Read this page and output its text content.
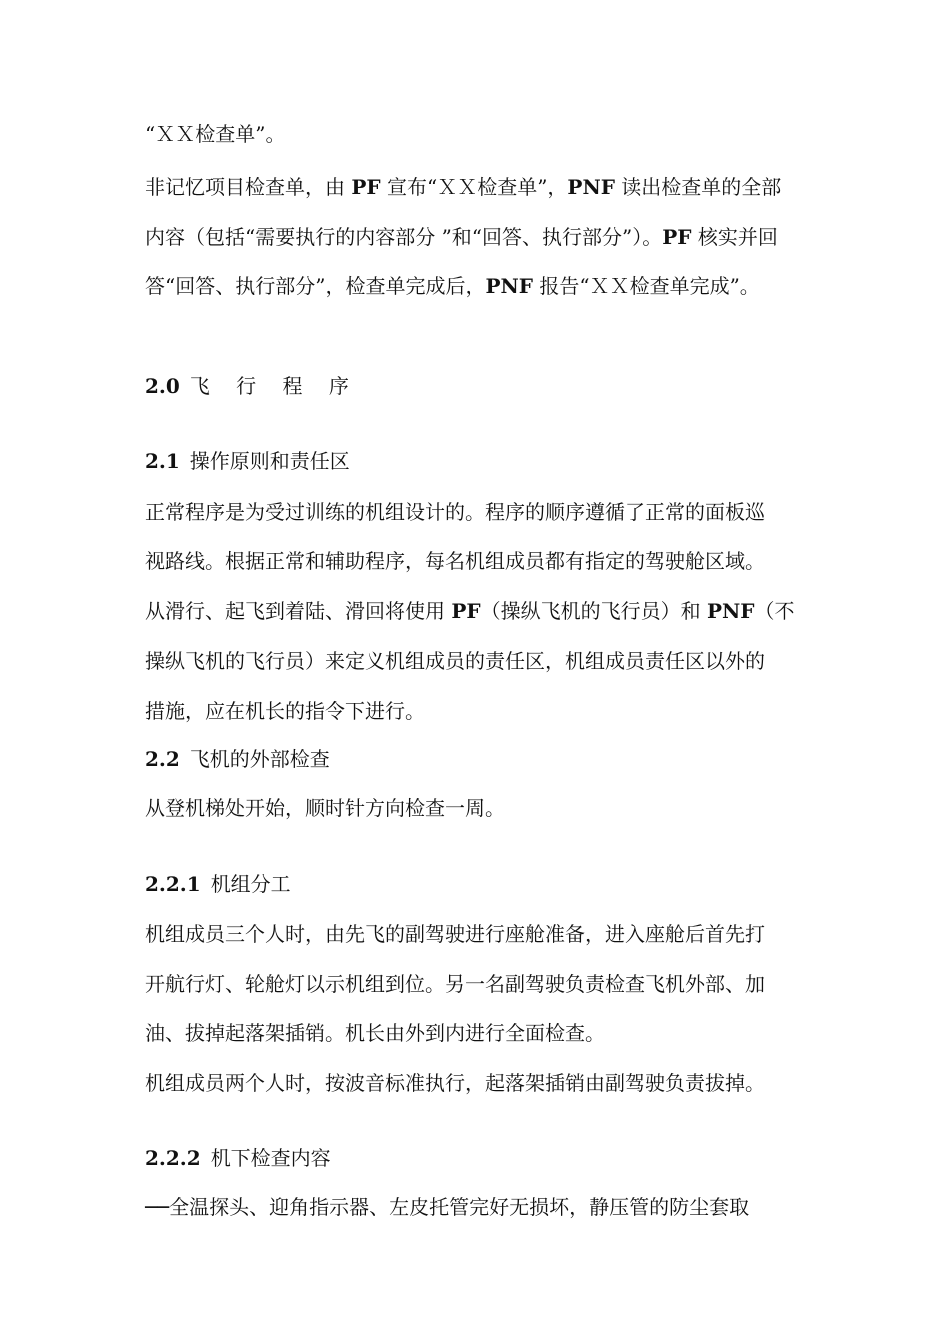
“ＸＸ检查单”。
非记忆项目检查单，由 PF 宣布“ＸＸ检查单”，PNF 读出检查单的全部
内容（包括“需要执行的内容部分 ”和“回答、执行部分”）。PF 核实并回
答“回答、执行部分”，检查单完成后，PNF 报告“ＸＸ检查单完成”。
2.0 飞 行 程 序
2.1 操作原则和责任区
正常程序是为受过训练的机组设计的。程序的顺序遵循了正常的面板巡
视路线。根据正常和辅助程序，每名机组成员都有指定的驾驶舱区域。
从滑行、起飞到着陆、滑回将使用 PF（操纵飞机的飞行员）和 PNF（不
操纵飞机的飞行员）来定义机组成员的责任区，机组成员责任区以外的
措施，应在机长的指令下进行。
2.2 飞机的外部检查
从登机梯处开始，顺时针方向检查一周。
2.2.1 机组分工
机组成员三个人时，由先飞的副驾驶进行座舱准备，进入座舱后首先打
开航行灯、轮舱灯以示机组到位。另一名副驾驶负责检查飞机外部、加
油、拔掉起落架插销。机长由外到内进行全面检查。
机组成员两个人时，按波音标准执行，起落架插销由副驾驶负责拔掉。
2.2.2 机下检查内容
──全温探头、迎角指示器、左皮托管完好无损坏，静压管的防尘套取
